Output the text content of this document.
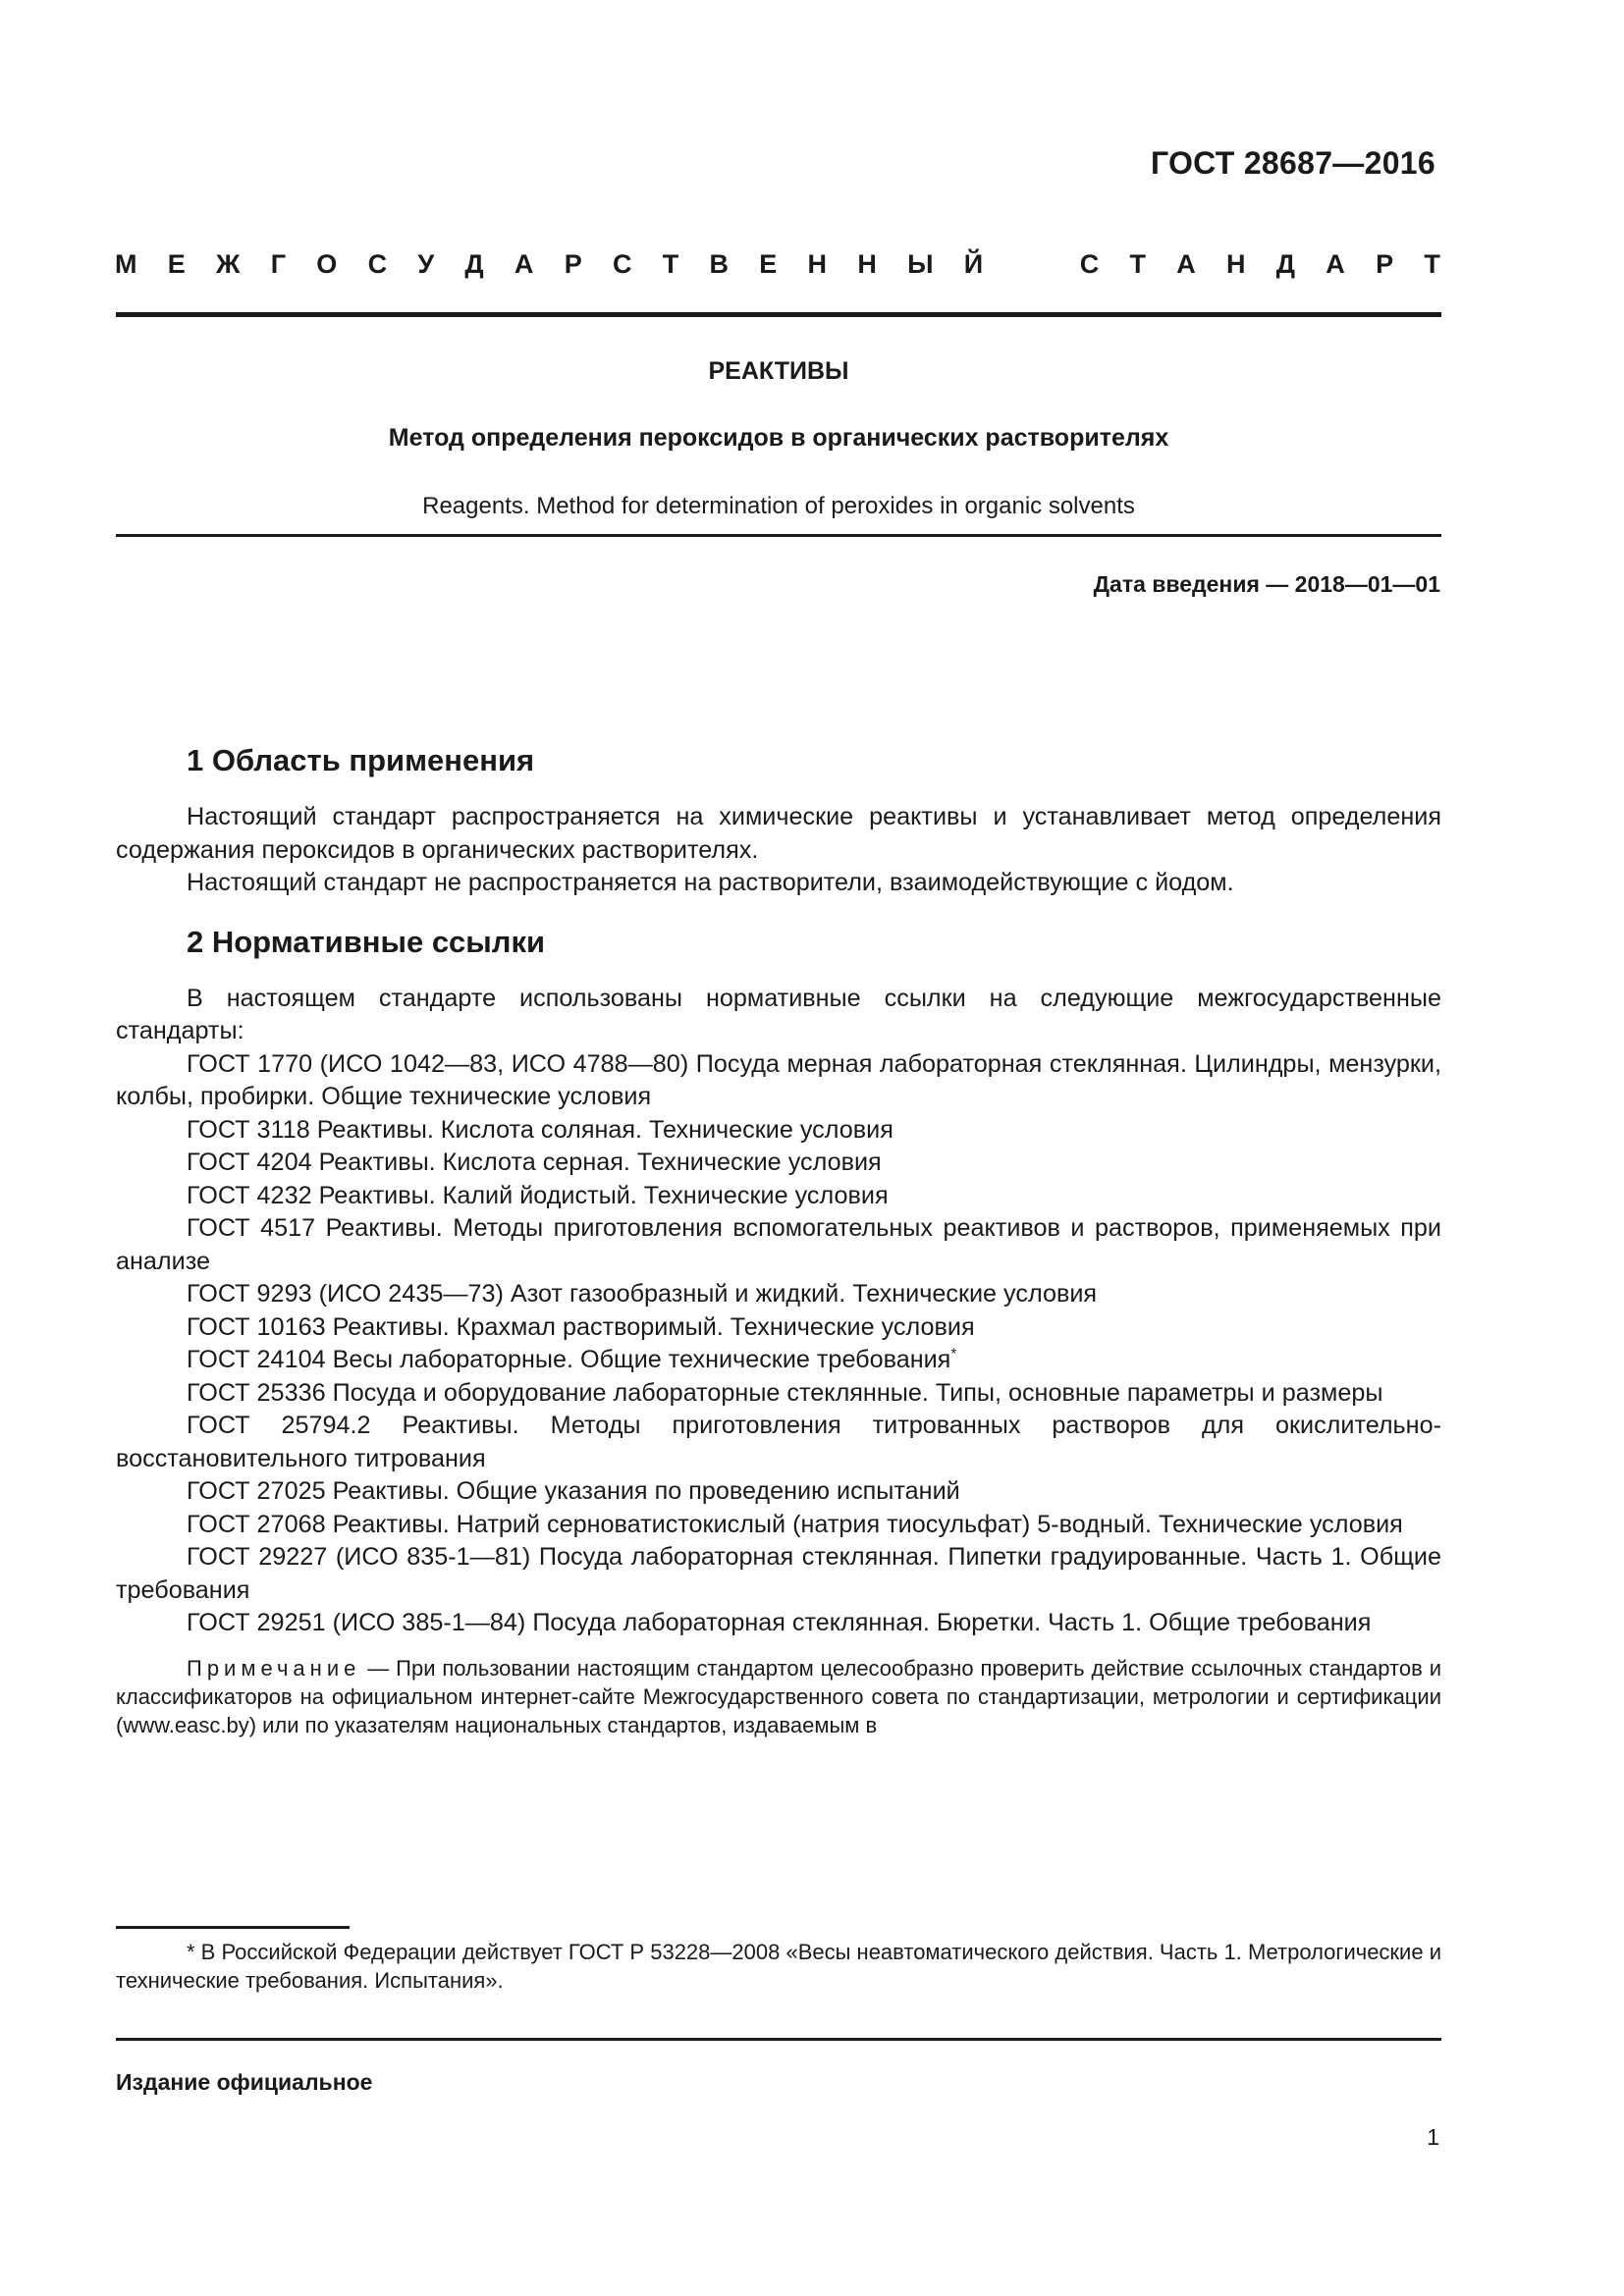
ГОСТ 28687—2016
М Е Ж Г О С У Д А Р С Т В Е Н Н Ы Й	С Т А Н Д А Р Т
РЕАКТИВЫ
Метод определения пероксидов в органических растворителях
Reagents. Method for determination of peroxides in organic solvents
Дата введения — 2018—01—01
1 Область применения

Настоящий стандарт распространяется на химические реактивы и устанавливает метод определения содержания пероксидов в органических растворителях.

Настоящий стандарт не распространяется на растворители, взаимодействующие с йодом.

2 Нормативные ссылки

В настоящем стандарте использованы нормативные ссылки на следующие межгосударственные стандарты:

ГОСТ 1770 (ИСО 1042—83, ИСО 4788—80) Посуда мерная лабораторная стеклянная. Цилиндры, мензурки, колбы, пробирки. Общие технические условия

ГОСТ 3118 Реактивы. Кислота соляная. Технические условия

ГОСТ 4204 Реактивы. Кислота серная. Технические условия

ГОСТ 4232 Реактивы. Калий йодистый. Технические условия

ГОСТ 4517 Реактивы. Методы приготовления вспомогательных реактивов и растворов, применяемых при анализе

ГОСТ 9293 (ИСО 2435—73) Азот газообразный и жидкий. Технические условия

ГОСТ 10163 Реактивы. Крахмал растворимый. Технические условия

ГОСТ 24104 Весы лабораторные. Общие технические требования*

ГОСТ 25336 Посуда и оборудование лабораторные стеклянные. Типы, основные параметры и размеры

ГОСТ 25794.2 Реактивы. Методы приготовления титрованных растворов для окислительно-восстановительного титрования

ГОСТ 27025 Реактивы. Общие указания по проведению испытаний

ГОСТ 27068 Реактивы. Натрий серноватистокислый (натрия тиосульфат) 5-водный. Технические условия

ГОСТ 29227 (ИСО 835-1—81) Посуда лабораторная стеклянная. Пипетки градуированные. Часть 1. Общие требования

ГОСТ 29251 (ИСО 385-1—84) Посуда лабораторная стеклянная. Бюретки. Часть 1. Общие требования

Примечание — При пользовании настоящим стандартом целесообразно проверить действие ссылочных стандартов и классификаторов на официальном интернет-сайте Межгосударственного совета по стандартизации, метрологии и сертификации (www.easc.by) или по указателям национальных стандартов, издаваемым в

* В Российской Федерации действует ГОСТ Р 53228—2008 «Весы неавтоматического действия. Часть 1. Метрологические и технические требования. Испытания».
Издание официальное
1
